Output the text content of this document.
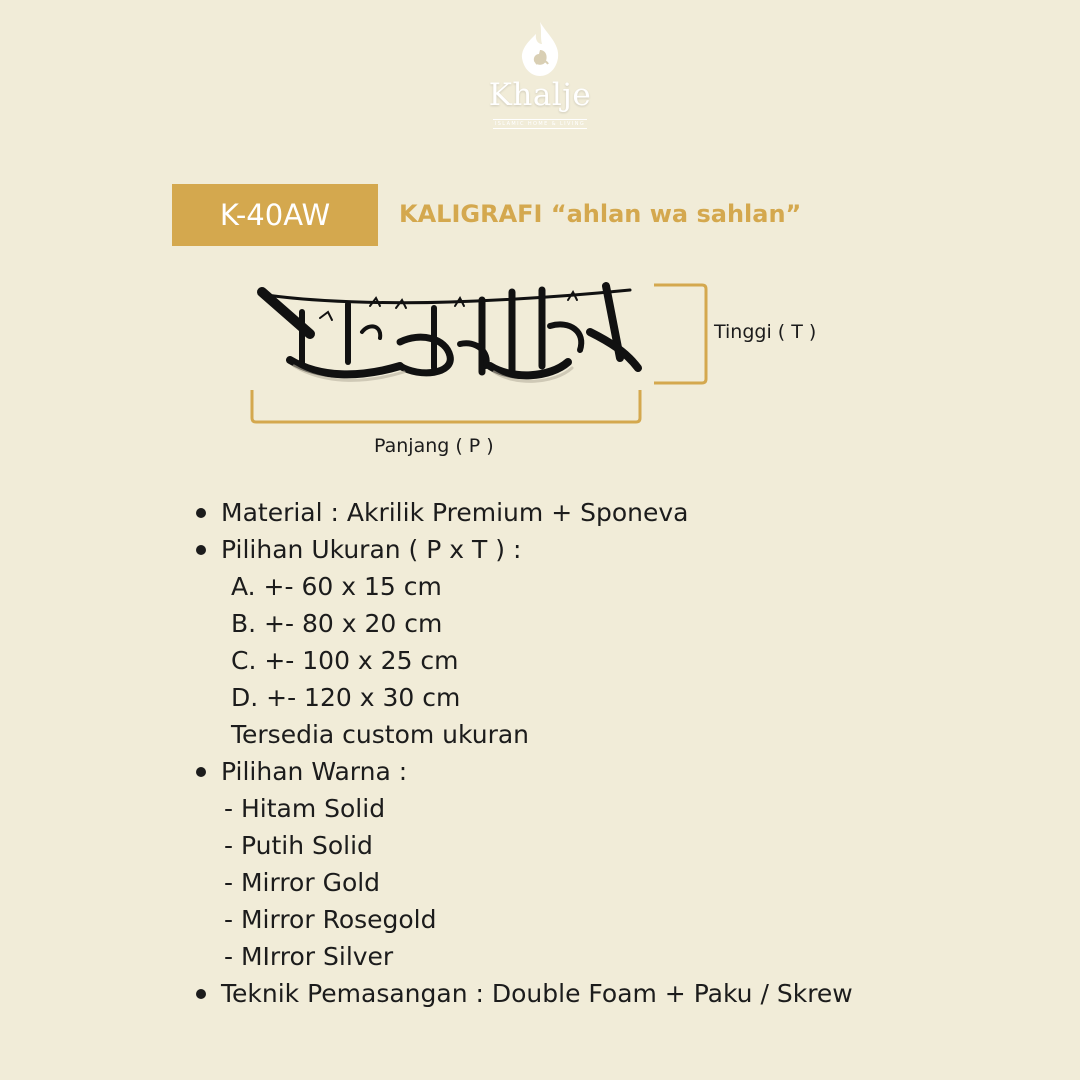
Khalje
ISLAMIC HOME & LIVING
K-40AW	KALIGRAFI “ahlan wa sahlan”
Tinggi ( T )
Panjang ( P )
Material : Akrilik Premium + Sponeva
Pilihan Ukuran ( P x T ) :
A. +- 60 x 15 cm
B. +- 80 x 20 cm
C. +- 100 x 25 cm
D. +- 120 x 30 cm
Tersedia custom ukuran
Pilihan Warna :
- Hitam Solid
- Putih Solid
- Mirror Gold
- Mirror Rosegold
- MIrror Silver
Teknik Pemasangan : Double Foam + Paku / Skrew
